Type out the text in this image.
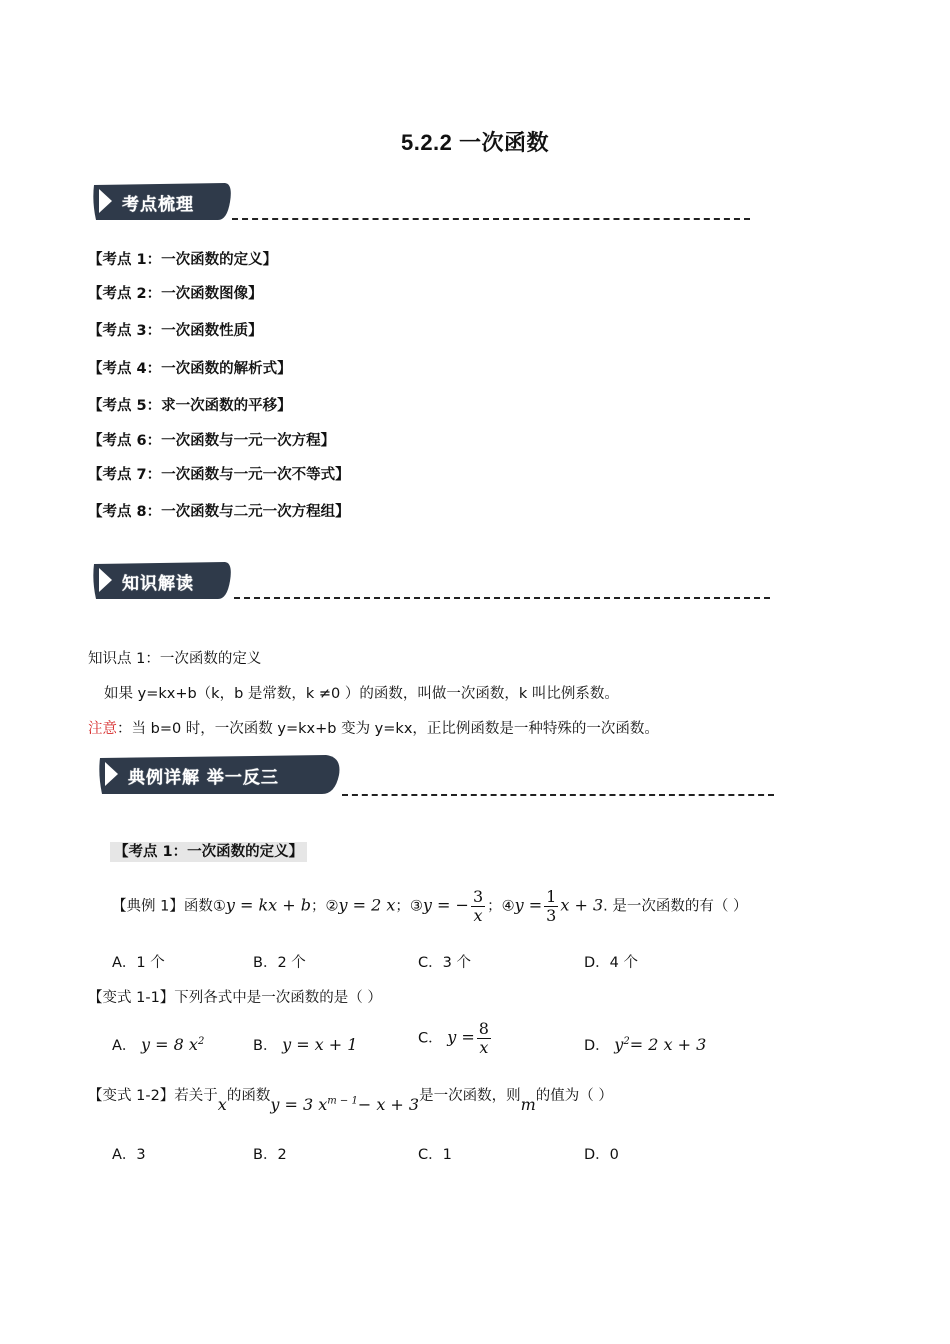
5.2.2 一次函数
考点梳理
【考点 1：一次函数的定义】
【考点 2：一次函数图像】
【考点 3：一次函数性质】
【考点 4：一次函数的解析式】
【考点 5：求一次函数的平移】
【考点 6：一次函数与一元一次方程】
【考点 7：一次函数与一元一次不等式】
【考点 8：一次函数与二元一次方程组】
知识解读
知识点 1：一次函数的定义
如果 y=kx+b（k，b 是常数，k ≠0 ）的函数，叫做一次函数，k 叫比例系数。
注意：当 b=0 时，一次函数 y=kx+b 变为 y=kx，正比例函数是一种特殊的一次函数。
典例详解 举一反三
【考点 1：一次函数的定义】
【典例 1】函数①y = kx + b；②y = 2 x；③y = − $\frac{3}{x}$ ；④y = $\frac{1}{3}$ x + 3. 是一次函数的有（ ）
A．1 个	B．2 个	C．3 个	D．4 个
【变式 1-1】下列各式中是一次函数的是（ ）
A． y = 8 $x^2$	B． y = x + 1	C． $y = \frac{8}{x}$	D． $y^2= 2$ x + 3
【变式 1-2】若关于x的函数y = 3 $x^{m - 1}- x + 3$是一次函数，则m的值为（ ）
A．3	B．2	C．1	D．0
